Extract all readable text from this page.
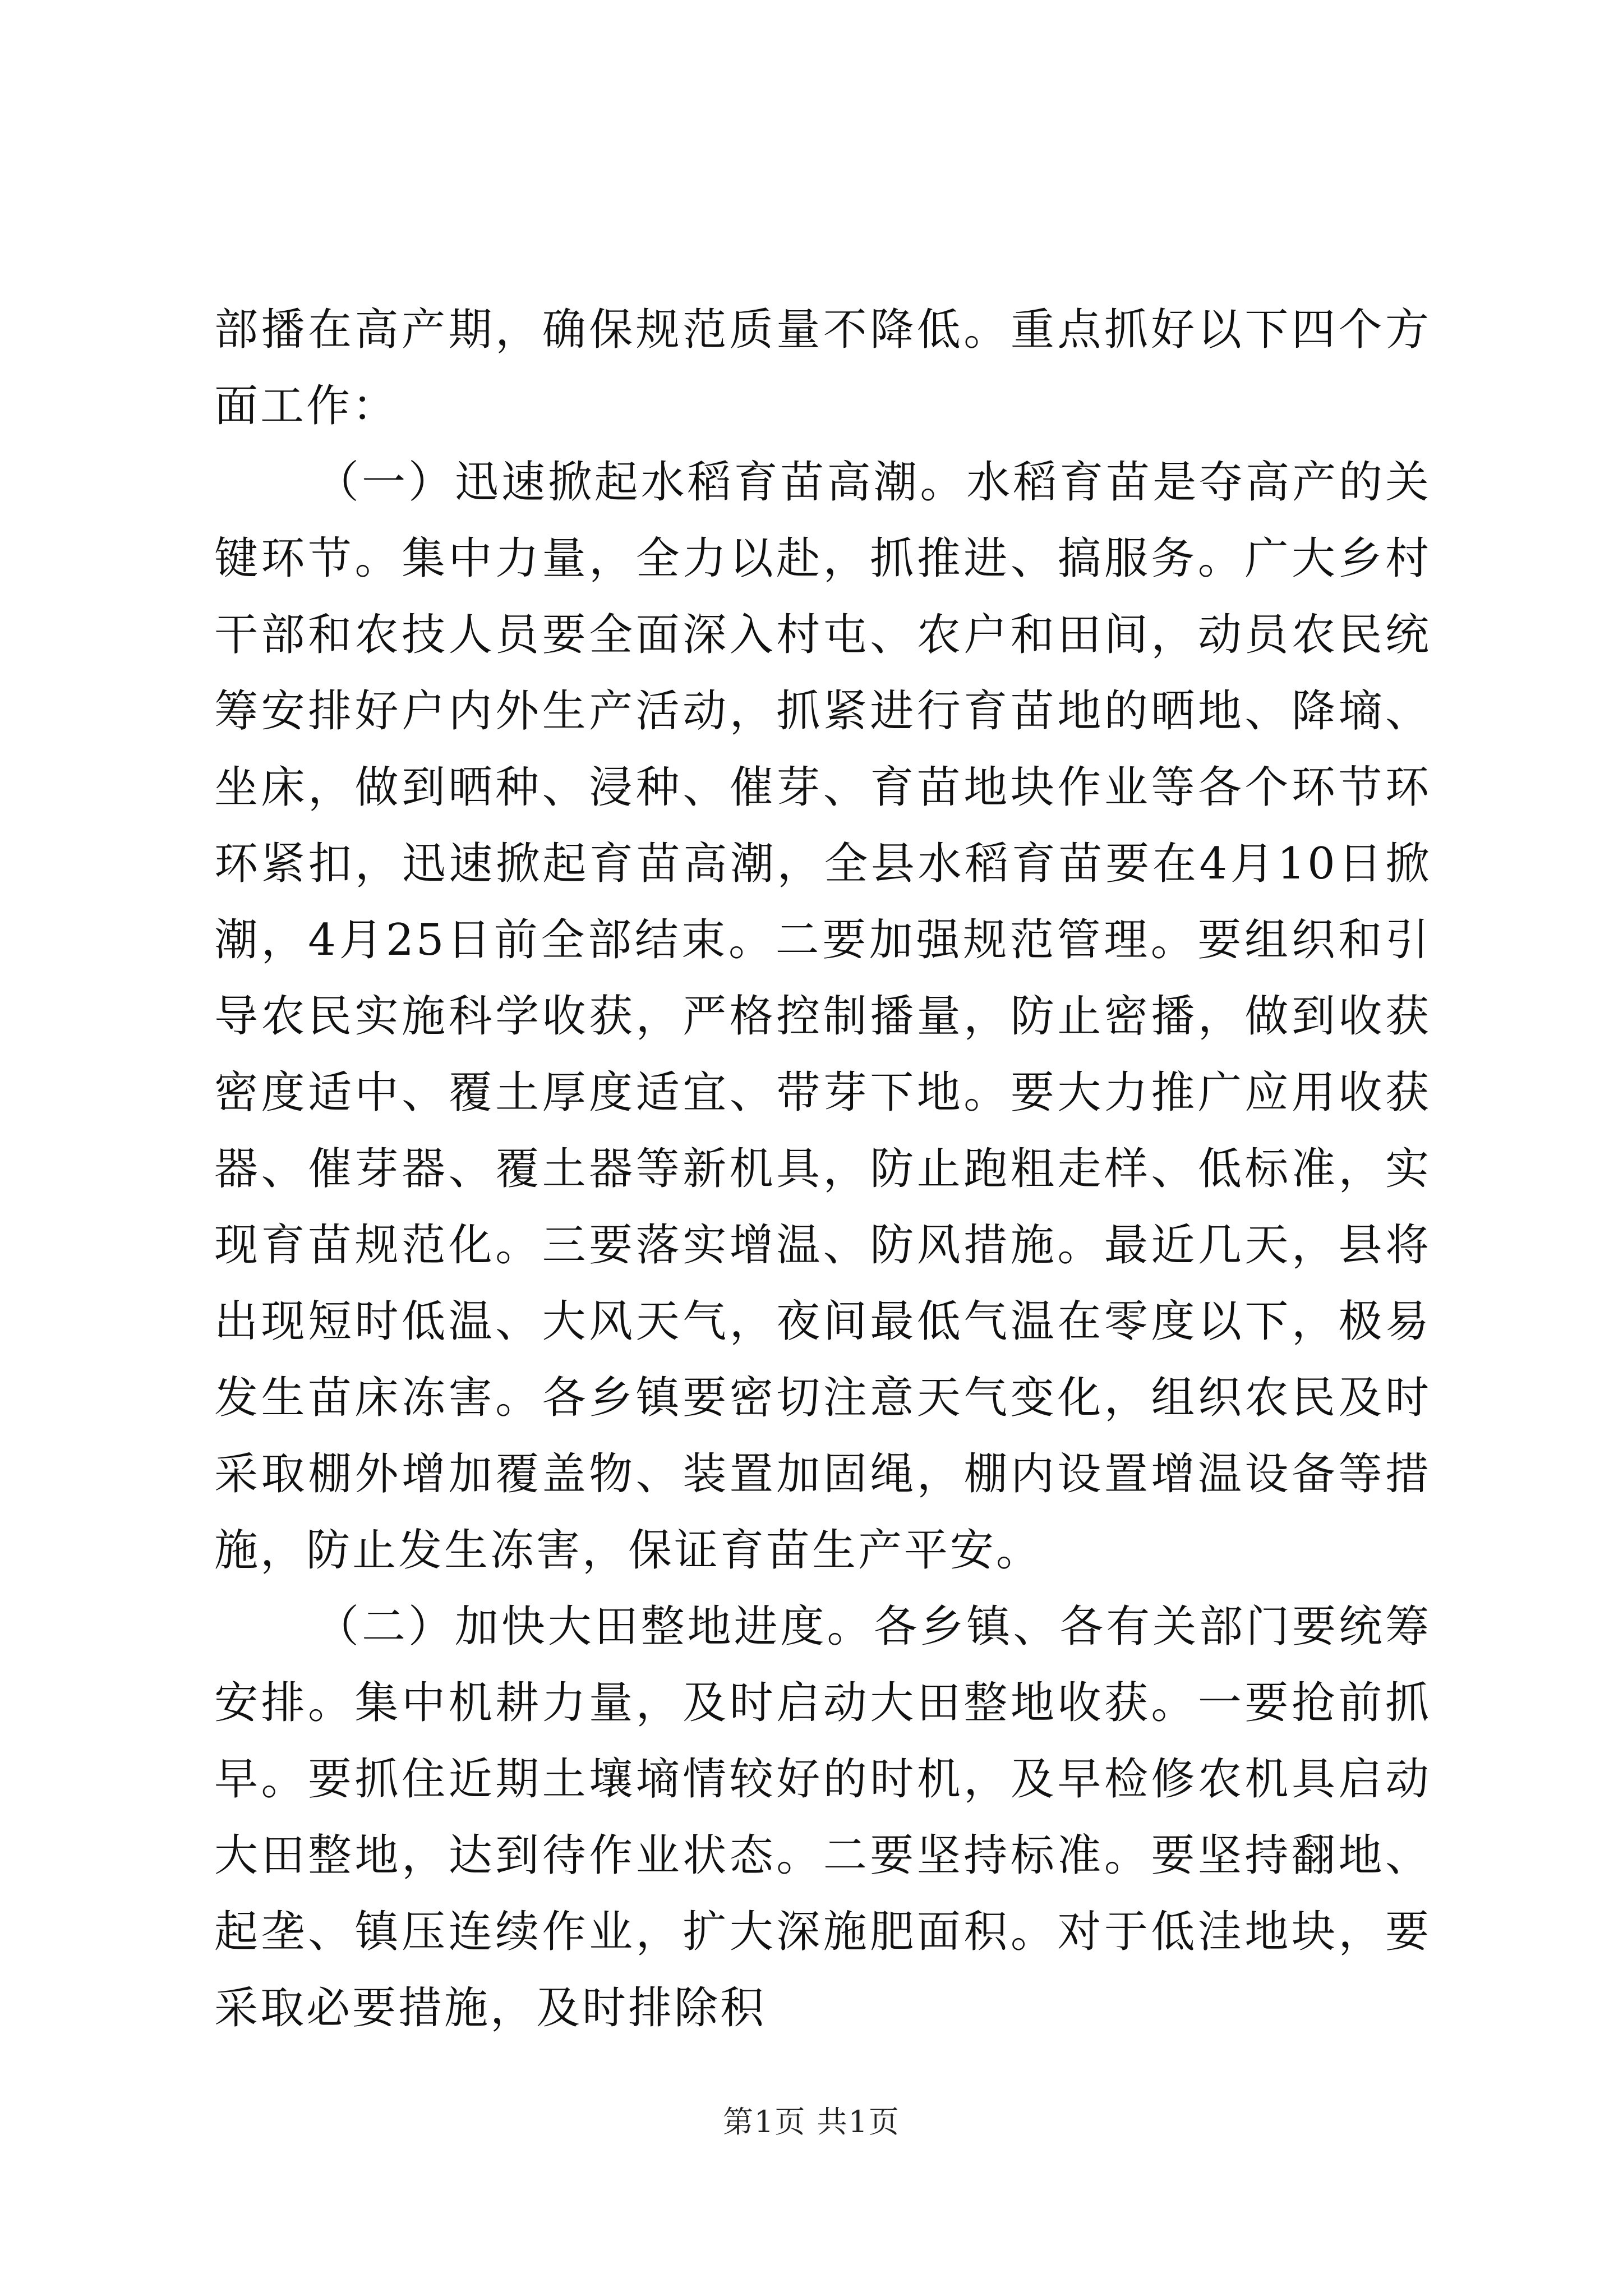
部播在高产期，确保规范质量不降低。重点抓好以下四个方面工作：

（一）迅速掀起水稻育苗高潮。水稻育苗是夺高产的关键环节。集中力量，全力以赴，抓推进、搞服务。广大乡村干部和农技人员要全面深入村屯、农户和田间，动员农民统筹安排好户内外生产活动，抓紧进行育苗地的晒地、降墒、坐床，做到晒种、浸种、催芽、育苗地块作业等各个环节环环紧扣，迅速掀起育苗高潮，全县水稻育苗要在4月10日掀潮，4月25日前全部结束。二要加强规范管理。要组织和引导农民实施科学收获，严格控制播量，防止密播，做到收获密度适中、覆土厚度适宜、带芽下地。要大力推广应用收获器、催芽器、覆土器等新机具，防止跑粗走样、低标准，实现育苗规范化。三要落实增温、防风措施。最近几天，县将出现短时低温、大风天气，夜间最低气温在零度以下，极易发生苗床冻害。各乡镇要密切注意天气变化，组织农民及时采取棚外增加覆盖物、装置加固绳，棚内设置增温设备等措施，防止发生冻害，保证育苗生产平安。

（二）加快大田整地进度。各乡镇、各有关部门要统筹安排。集中机耕力量，及时启动大田整地收获。一要抢前抓早。要抓住近期土壤墒情较好的时机，及早检修农机具启动大田整地，达到待作业状态。二要坚持标准。要坚持翻地、起垄、镇压连续作业，扩大深施肥面积。对于低洼地块，要采取必要措施，及时排除积

第1页 共1页
